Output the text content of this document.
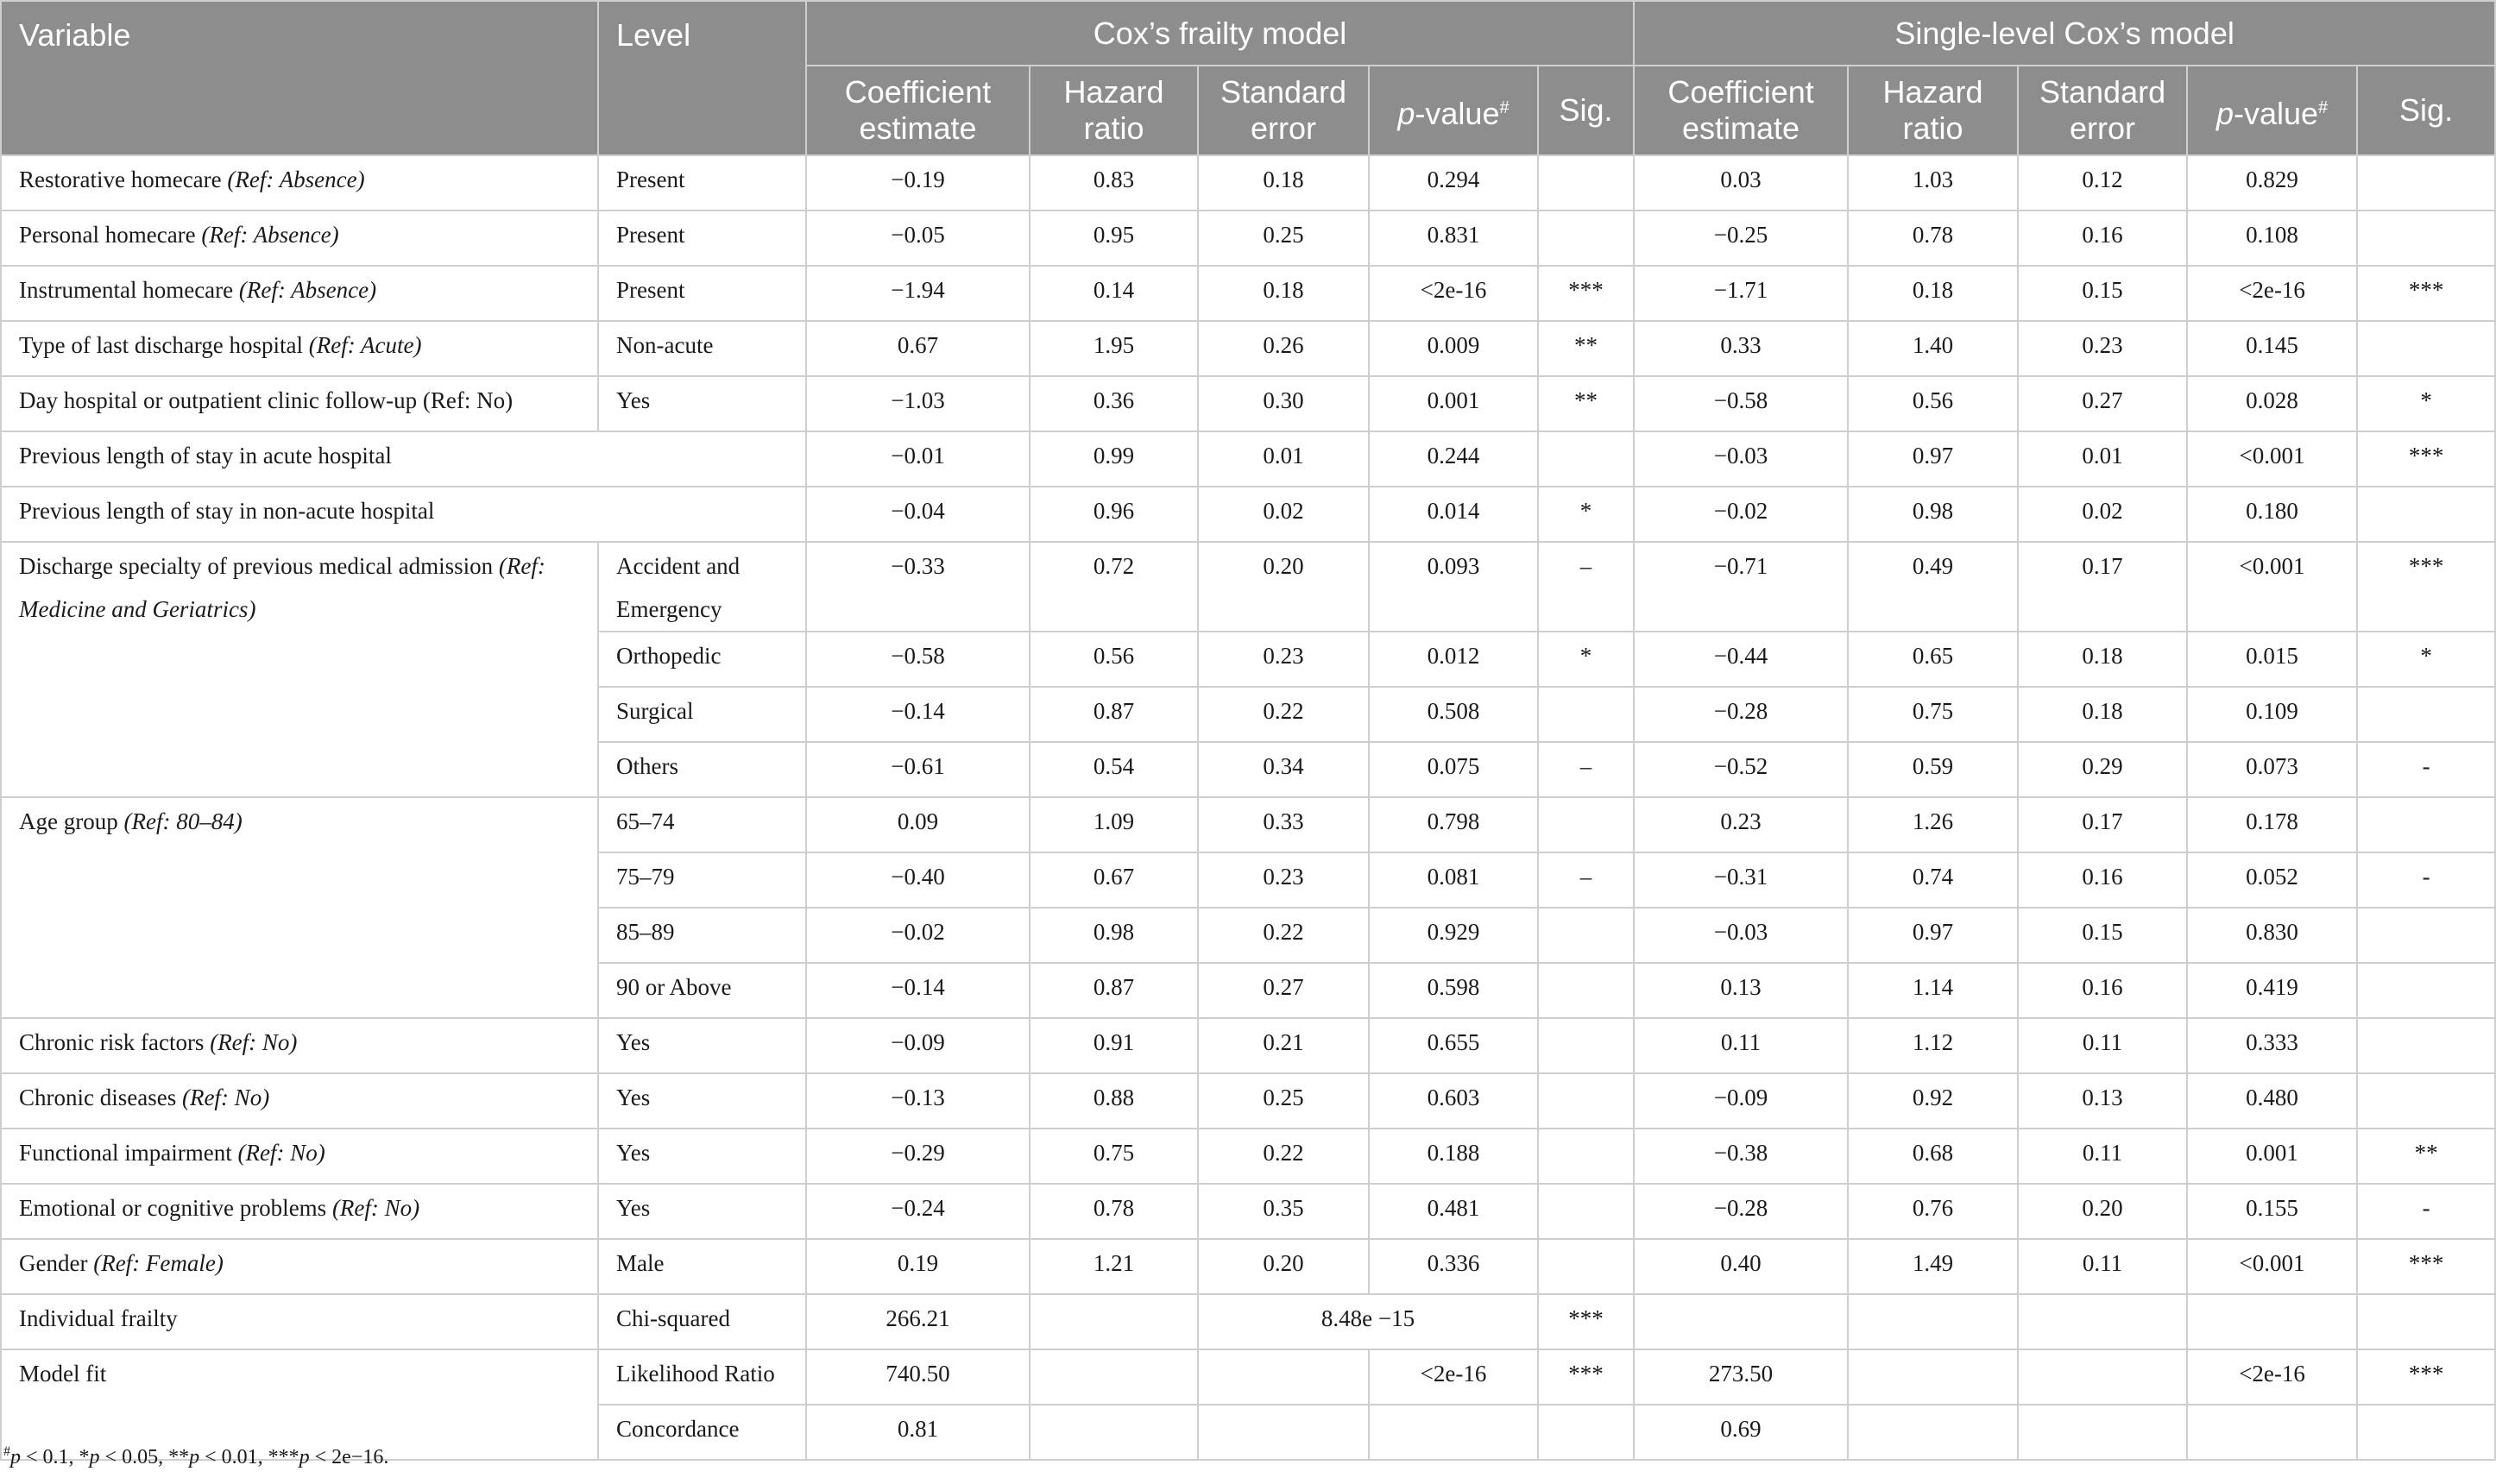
Variable	Level	Cox’s frailty model					Single-level Cox’s model				
		Coefficient estimate	Hazard ratio	Standard error	p-value#	Sig.	Coefficient estimate	Hazard ratio	Standard error	p-value#	Sig.
Restorative homecare (Ref: Absence)	Present	−0.19	0.83	0.18	0.294		0.03	1.03	0.12	0.829	
Personal homecare (Ref: Absence)	Present	−0.05	0.95	0.25	0.831		−0.25	0.78	0.16	0.108	
Instrumental homecare (Ref: Absence)	Present	−1.94	0.14	0.18	<2e-16	***	−1.71	0.18	0.15	<2e-16	***
Type of last discharge hospital (Ref: Acute)	Non-acute	0.67	1.95	0.26	0.009	**	0.33	1.40	0.23	0.145	
Day hospital or outpatient clinic follow-up (Ref: No)	Yes	−1.03	0.36	0.30	0.001	**	−0.58	0.56	0.27	0.028	*
Previous length of stay in acute hospital		−0.01	0.99	0.01	0.244		−0.03	0.97	0.01	<0.001	***
Previous length of stay in non-acute hospital		−0.04	0.96	0.02	0.014	*	−0.02	0.98	0.02	0.180	
Discharge specialty of previous medical admission (Ref: Medicine and Geriatrics)	Accident and Emergency	−0.33	0.72	0.20	0.093	–	−0.71	0.49	0.17	<0.001	***
	Orthopedic	−0.58	0.56	0.23	0.012	*	−0.44	0.65	0.18	0.015	*
	Surgical	−0.14	0.87	0.22	0.508		−0.28	0.75	0.18	0.109	
	Others	−0.61	0.54	0.34	0.075	–	−0.52	0.59	0.29	0.073	-
Age group (Ref: 80–84)	65–74	0.09	1.09	0.33	0.798		0.23	1.26	0.17	0.178	
	75–79	−0.40	0.67	0.23	0.081	–	−0.31	0.74	0.16	0.052	-
	85–89	−0.02	0.98	0.22	0.929		−0.03	0.97	0.15	0.830	
	90 or Above	−0.14	0.87	0.27	0.598		0.13	1.14	0.16	0.419	
Chronic risk factors (Ref: No)	Yes	−0.09	0.91	0.21	0.655		0.11	1.12	0.11	0.333	
Chronic diseases (Ref: No)	Yes	−0.13	0.88	0.25	0.603		−0.09	0.92	0.13	0.480	
Functional impairment (Ref: No)	Yes	−0.29	0.75	0.22	0.188		−0.38	0.68	0.11	0.001	**
Emotional or cognitive problems (Ref: No)	Yes	−0.24	0.78	0.35	0.481		−0.28	0.76	0.20	0.155	-
Gender (Ref: Female)	Male	0.19	1.21	0.20	0.336		0.40	1.49	0.11	<0.001	***
Individual frailty	Chi-squared	266.21		8.48e −15		***					
Model fit	Likelihood Ratio	740.50			<2e-16	***	273.50			<2e-16	***
	Concordance	0.81					0.69				
#p < 0.1, *p < 0.05, **p < 0.01, ***p < 2e−16.
